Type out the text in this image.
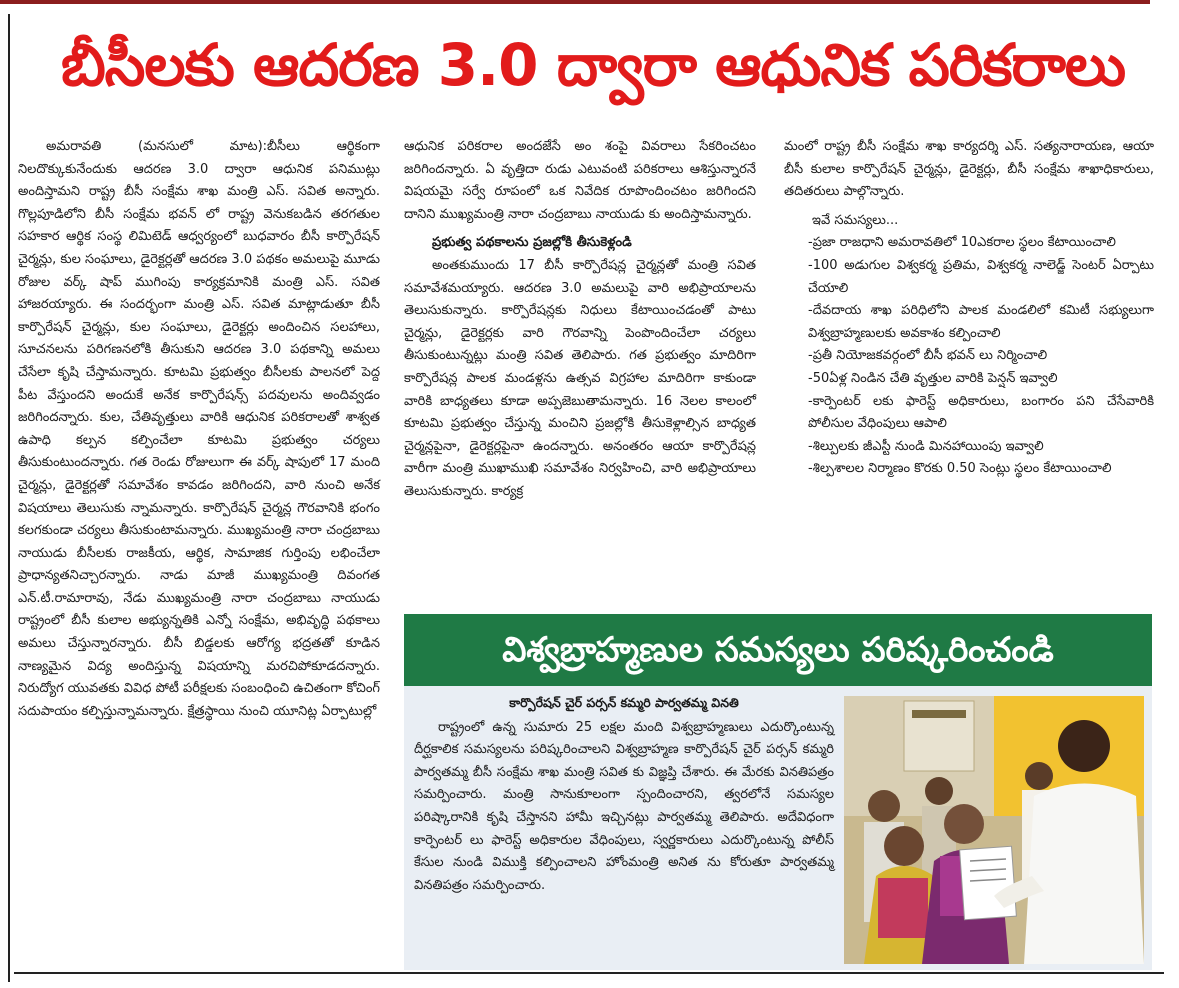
బీసీలకు ఆదరణ 3.0 ద్వారా ఆధునిక పరికరాలు

అమరావతి (మనసులో మాట):బీసీలు ఆర్థికంగా నిలదొక్కుకునేందుకు ఆదరణ 3.0 ద్వారా ఆధునిక పనిముట్లు అందిస్తామని రాష్ట్ర బీసీ సంక్షేమ శాఖ మంత్రి ఎస్. సవిత అన్నారు. గొల్లపూడిలోని బీసీ సంక్షేమ భవన్ లో రాష్ట్ర వెనుకబడిన తరగతుల సహకార ఆర్థిక సంస్థ లిమిటెడ్ ఆధ్వర్యంలో బుధవారం బీసీ కార్పొరేషన్ చైర్మన్లు, కుల సంఘాలు, డైరెక్టర్లతో ఆదరణ 3.0 పథకం అమలుపై మూడు రోజుల వర్క్ షాప్ ముగింపు కార్యక్రమానికి మంత్రి ఎస్. సవిత హాజరయ్యారు. ఈ సందర్భంగా మంత్రి ఎస్. సవిత మాట్లాడుతూ బీసీ కార్పొరేషన్ చైర్మన్లు, కుల సంఘాలు, డైరెక్టర్లు అందించిన సలహాలు, సూచనలను పరిగణనలోకి తీసుకుని ఆదరణ 3.0 పథకాన్ని అమలు చేసేలా కృషి చేస్తామన్నారు. కూటమి ప్రభుత్వం బీసీలకు పాలనలో పెద్ద పీట వేస్తుందని అందుకే అనేక కార్పొరేషన్స్ పదవులను అందివ్వడం జరిగిందన్నారు. కుల, చేతివృత్తులు వారికి ఆధునిక పరికరాలతో శాశ్వత ఉపాధి కల్పన కల్పించేలా కూటమి ప్రభుత్వం చర్యలు తీసుకుంటుందన్నారు. గత రెండు రోజులుగా ఈ వర్క్ షాపులో 17 మంది చైర్మన్లు, డైరెక్టర్లతో సమావేశం కావడం జరిగిందని, వారి నుంచి అనేక విషయాలు తెలుసుకు న్నామన్నారు. కార్పొరేషన్ చైర్మన్ల గౌరవానికి భంగం కలగకుండా చర్యలు తీసుకుంటామన్నారు. ముఖ్యమంత్రి నారా చంద్రబాబు నాయుడు బీసీలకు రాజకీయ, ఆర్థిక, సామాజిక గుర్తింపు లభించేలా ప్రాధాన్యతనిచ్చారన్నారు. నాడు మాజీ ముఖ్యమంత్రి దివంగత ఎన్.టీ.రామారావు, నేడు ముఖ్యమంత్రి నారా చంద్రబాబు నాయుడు రాష్ట్రంలో బీసీ కులాల అభ్యున్నతికి ఎన్నో సంక్షేమ, అభివృద్ధి పథకాలు అమలు చేస్తున్నారన్నారు. బీసీ బిడ్డలకు ఆరోగ్య భద్రతతో కూడిన నాణ్యమైన విద్య అందిస్తున్న విషయాన్ని మరచిపోకూడదన్నారు. నిరుద్యోగ యువతకు వివిధ పోటీ పరీక్షలకు సంబంధించి ఉచితంగా కోచింగ్ సదుపాయం కల్పిస్తున్నామన్నారు. క్షేత్రస్థాయి నుంచి యూనిట్ల ఏర్పాటుల్లో

ఆధునిక పరికరాల అందజేసే అం శంపై వివరాలు సేకరించటం జరిగిందన్నారు. ఏ వృత్తిదా రుడు ఎటువంటి పరికరాలు ఆశిస్తున్నారనే విషయమై సర్వే రూపంలో ఒక నివేదిక రూపొందించటం జరిగిందని దానిని ముఖ్యమంత్రి నారా చంద్రబాబు నాయుడు కు అందిస్తామన్నారు.

ప్రభుత్వ పథకాలను ప్రజల్లోకి తీసుకెళ్లండి

అంతకుముందు 17 బీసీ కార్పొరేషన్ల చైర్మన్లతో మంత్రి సవిత సమావేశమయ్యారు. ఆదరణ 3.0 అమలుపై వారి అభిప్రాయాలను తెలుసుకున్నారు. కార్పొరేషన్లకు నిధులు కేటాయించడంతో పాటు చైర్మన్లు, డైరెక్టర్లకు వారి గౌరవాన్ని పెంపొందించేలా చర్యలు తీసుకుంటున్నట్లు మంత్రి సవిత తెలిపారు. గత ప్రభుత్వం మాదిరిగా కార్పొరేషన్ల పాలక మండళ్లను ఉత్సవ విగ్రహాల మాదిరిగా కాకుండా వారికి బాధ్యతలు కూడా అప్పజెబుతామన్నారు. 16 నెలల కాలంలో కూటమి ప్రభుత్వం చేస్తున్న మంచిని ప్రజల్లోకి తీసుకెళ్లాల్సిన బాధ్యత చైర్మన్లపైనా, డైరెక్టర్లపైనా ఉందన్నారు. అనంతరం ఆయా కార్పొరేషన్ల వారీగా మంత్రి ముఖాముఖి సమావేశం నిర్వహించి, వారి అభిప్రాయాలు తెలుసుకున్నారు. కార్యక్ర

మంలో రాష్ట్ర బీసీ సంక్షేమ శాఖ కార్యదర్శి ఎస్. సత్యనారాయణ, ఆయా బీసీ కులాల కార్పొరేషన్ చైర్మన్లు, డైరెక్టర్లు, బీసీ సంక్షేమ శాఖాధికారులు, తదితరులు పాల్గొన్నారు.

ఇవే సమస్యలు...

-ప్రజా రాజధాని అమరావతిలో 10ఎకరాల స్థలం కేటాయించాలి

-100 అడుగుల విశ్వకర్మ ప్రతిమ, విశ్వకర్మ నాలెడ్జ్ సెంటర్ ఏర్పాటు చేయాలి

-దేవదాయ శాఖ పరిధిలోని పాలక మండలిలో కమిటీ సభ్యులుగా విశ్వబ్రాహ్మణులకు అవకాశం కల్పించాలి

-ప్రతీ నియోజకవర్గంలో బీసీ భవన్ లు నిర్మించాలి

-50ఏళ్ల నిండిన చేతి వృత్తుల వారికి పెన్షన్ ఇవ్వాలి

-కార్పెంటర్ లకు ఫారెస్ట్ అధికారులు, బంగారం పని చేసేవారికి పోలీసుల వేధింపులు ఆపాలి

-శిల్పులకు జీఎస్టీ నుండి మినహాయింపు ఇవ్వాలి

-శిల్పశాలల నిర్మాణం కొరకు 0.50 సెంట్లు స్థలం కేటాయించాలి

విశ్వబ్రాహ్మణుల సమస్యలు పరిష్కరించండి
కార్పొరేషన్ చైర్ పర్సన్ కమ్మరి పార్వతమ్మ వినతి

రాష్ట్రంలో ఉన్న సుమారు 25 లక్షల మంది విశ్వబ్రాహ్మణులు ఎదుర్కొంటున్న దీర్ఘకాలిక సమస్యలను పరిష్కరించాలని విశ్వబ్రాహ్మణ కార్పొరేషన్ చైర్ పర్సన్ కమ్మరి పార్వతమ్మ బీసీ సంక్షేమ శాఖ మంత్రి సవిత కు విజ్ఞప్తి చేశారు. ఈ మేరకు వినతిపత్రం సమర్పించారు. మంత్రి సానుకూలంగా స్పందించారని, త్వరలోనే సమస్యల పరిష్కారానికి కృషి చేస్తానని హామీ ఇచ్చినట్లు పార్వతమ్మ తెలిపారు. అదేవిధంగా కార్పెంటర్ లు ఫారెస్ట్ అధికారుల వేధింపులు, స్వర్ణకారులు ఎదుర్కొంటున్న పోలీస్ కేసుల నుండి విముక్తి కల్పించాలని హోంమంత్రి అనిత ను కోరుతూ పార్వతమ్మ వినతిపత్రం సమర్పించారు.
